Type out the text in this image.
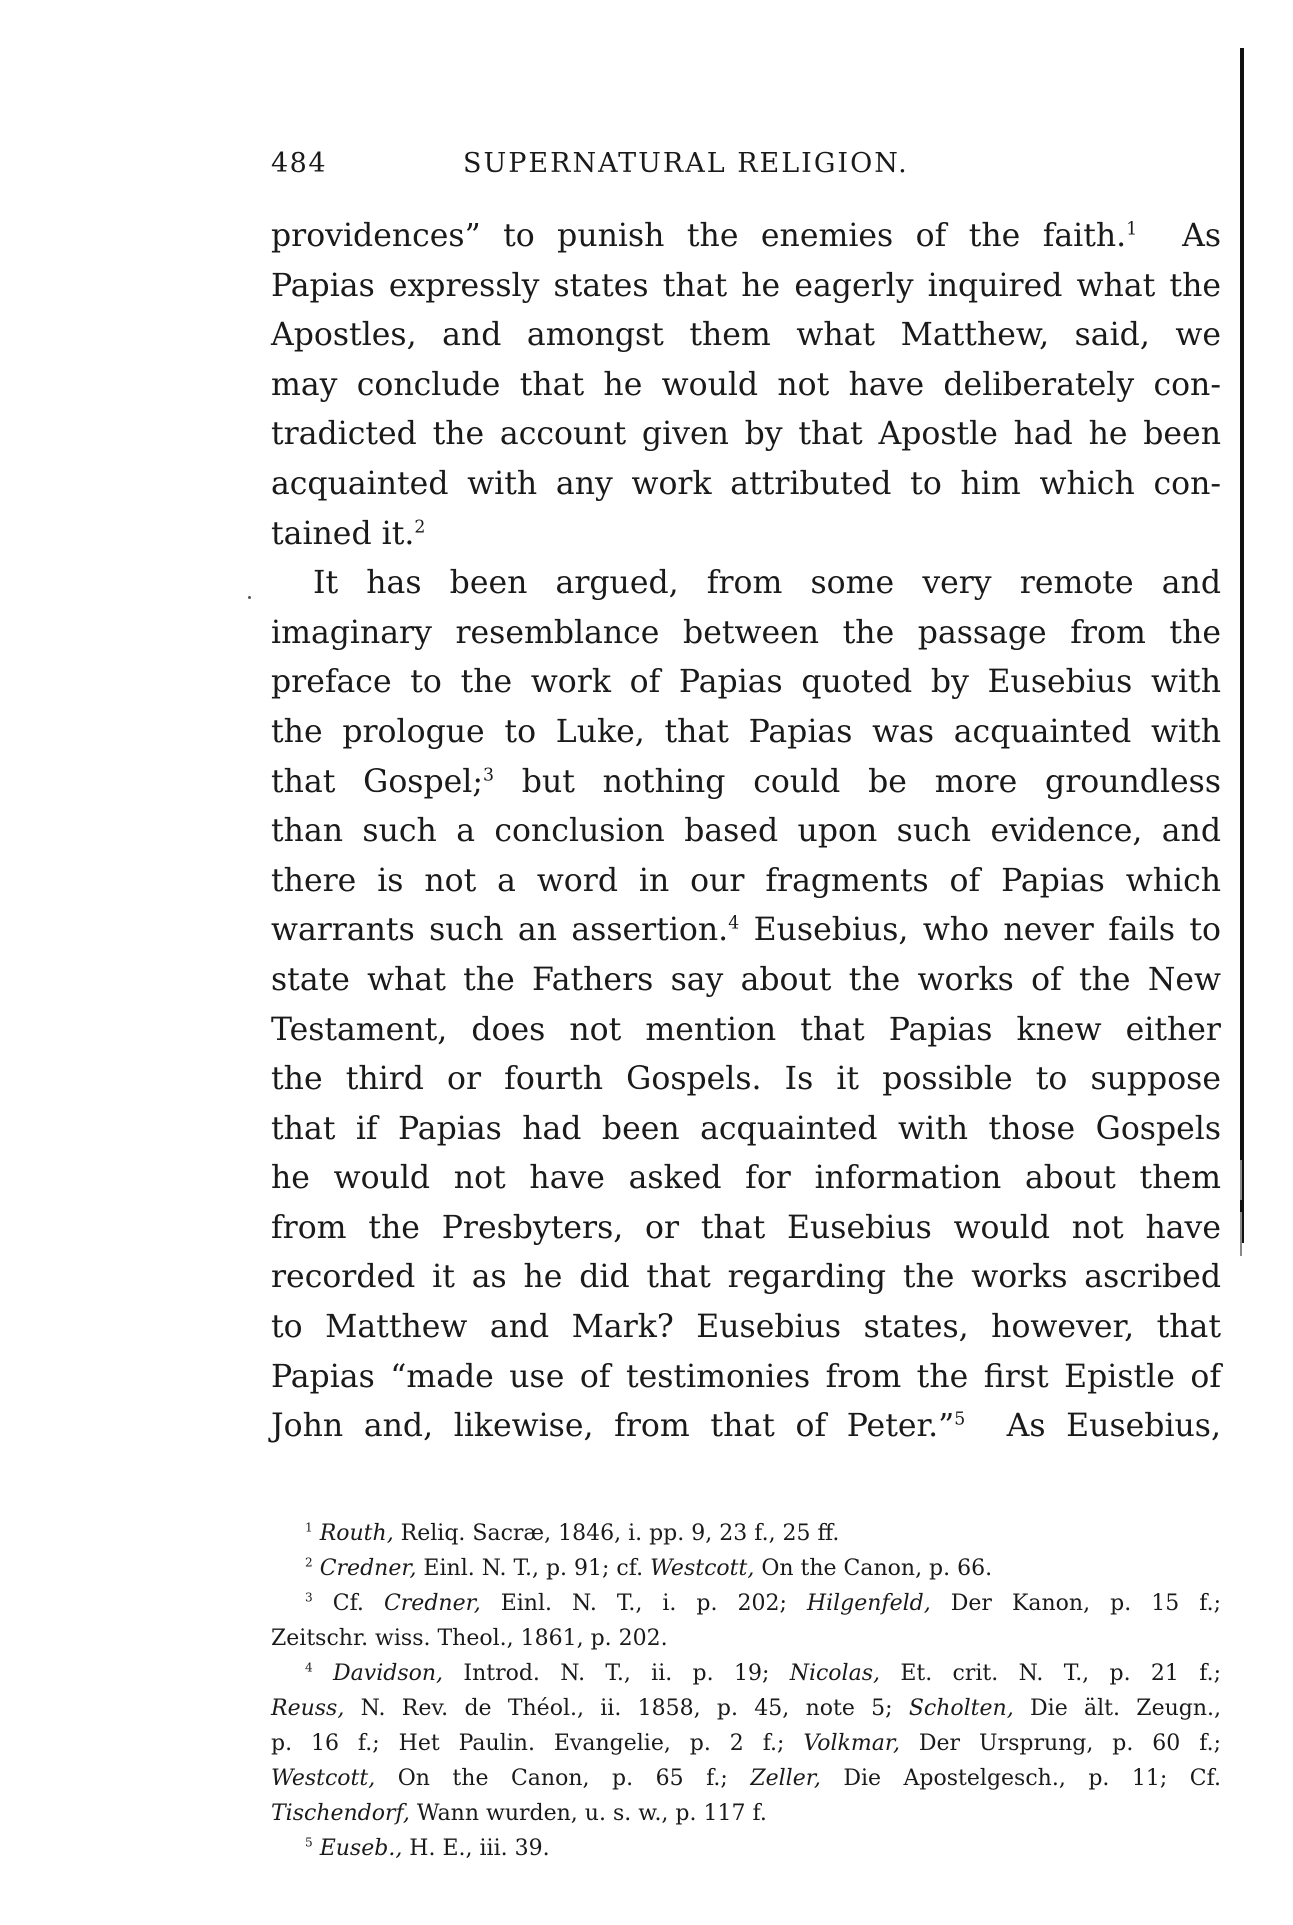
484	SUPERNATURAL RELIGION.
providences” to punish the enemies of the faith.$^1$ As
Papias expressly states that he eagerly inquired what the
Apostles, and amongst them what Matthew, said, we
may conclude that he would not have deliberately con-
tradicted the account given by that Apostle had he been
acquainted with any work attributed to him which con-
tained it.$^2$
It has been argued, from some very remote and
imaginary resemblance between the passage from the
preface to the work of Papias quoted by Eusebius with
the prologue to Luke, that Papias was acquainted with
that Gospel;$^3$ but nothing could be more groundless
than such a conclusion based upon such evidence, and
there is not a word in our fragments of Papias which
warrants such an assertion.$^4$ Eusebius, who never fails to
state what the Fathers say about the works of the New
Testament, does not mention that Papias knew either
the third or fourth Gospels. Is it possible to suppose
that if Papias had been acquainted with those Gospels
he would not have asked for information about them
from the Presbyters, or that Eusebius would not have
recorded it as he did that regarding the works ascribed
to Matthew and Mark? Eusebius states, however, that
Papias “made use of testimonies from the first Epistle of
John and, likewise, from that of Peter.”$^5$ As Eusebius,
$^1$ Routh, Reliq. Sacræ, 1846, i. pp. 9, 23 f., 25 ff.
$^2$ Credner, Einl. N. T., p. 91; cf. Westcott, On the Canon, p. 66.
$^3$ Cf. Credner, Einl. N. T., i. p. 202; Hilgenfeld, Der Kanon, p. 15 f.;
Zeitschr. wiss. Theol., 1861, p. 202.
$^4$ Davidson, Introd. N. T., ii. p. 19; Nicolas, Et. crit. N. T., p. 21 f.;
Reuss, N. Rev. de Théol., ii. 1858, p. 45, note 5; Scholten, Die ält. Zeugn.,
p. 16 f.; Het Paulin. Evangelie, p. 2 f.; Volkmar, Der Ursprung, p. 60 f.;
Westcott, On the Canon, p. 65 f.; Zeller, Die Apostelgesch., p. 11; Cf.
Tischendorf, Wann wurden, u. s. w., p. 117 f.
$^5$ Euseb., H. E., iii. 39.
